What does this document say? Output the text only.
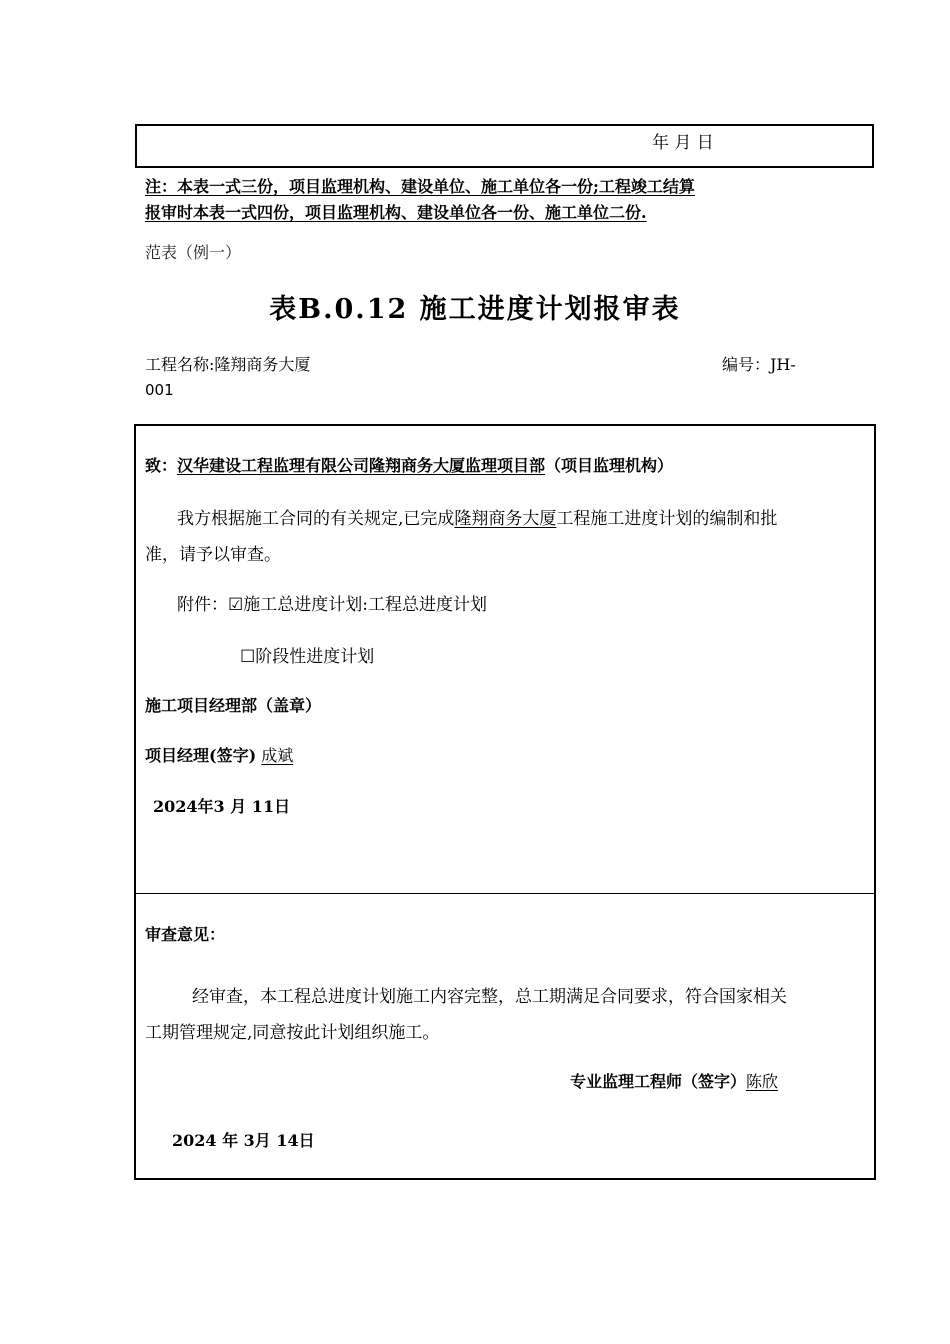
年 月 日
注：本表一式三份，项目监理机构、建设单位、施工单位各一份;工程竣工结算
报审时本表一式四份，项目监理机构、建设单位各一份、施工单位二份.
范表（例一）
表B.0.12 施工进度计划报审表
工程名称:隆翔商务大厦	编号：JH-
001
致：汉华建设工程监理有限公司隆翔商务大厦监理项目部（项目监理机构）
我方根据施工合同的有关规定,已完成隆翔商务大厦工程施工进度计划的编制和批
准，请予以审查。
附件：☑施工总进度计划:工程总进度计划
☐阶段性进度计划
施工项目经理部（盖章）
项目经理(签字) 成斌
2024年3 月 11日
审查意见：
经审查，本工程总进度计划施工内容完整，总工期满足合同要求，符合国家相关
工期管理规定,同意按此计划组织施工。
专业监理工程师（签字）陈欣
2024 年 3月 14日
